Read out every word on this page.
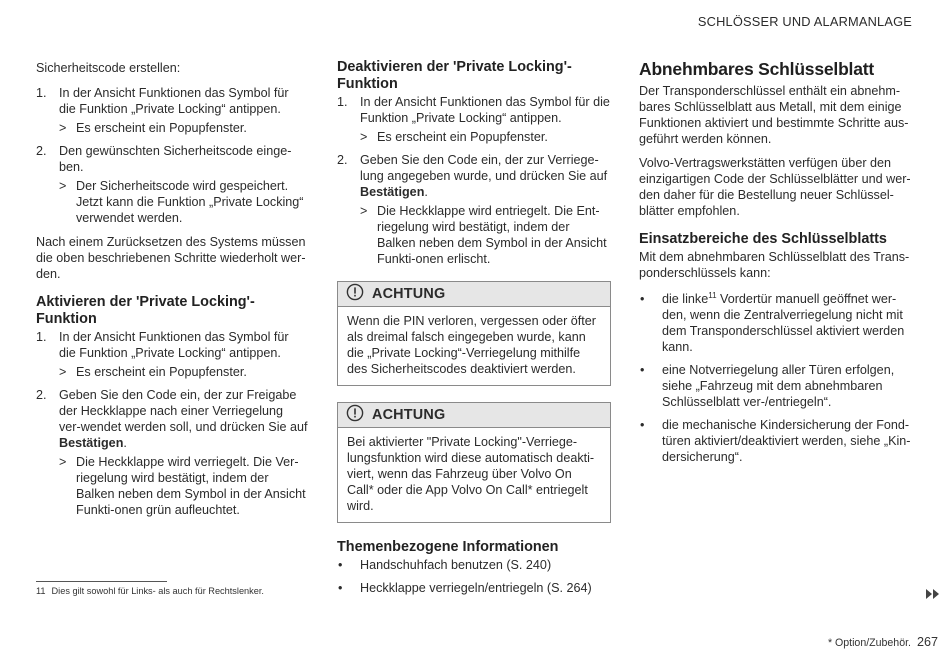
SCHLÖSSER UND ALARMANLAGE

Sicherheitscode erstellen:

1. In der Ansicht Funktionen das Symbol für die Funktion „Private Locking“ antippen.
> Es erscheint ein Popupfenster.
2. Den gewünschten Sicherheitscode einge-ben.
> Der Sicherheitscode wird gespeichert. Jetzt kann die Funktion „Private Locking“ verwendet werden.

Nach einem Zurücksetzen des Systems müssen die oben beschriebenen Schritte wiederholt wer-den.

Aktivieren der 'Private Locking'-Funktion
1. In der Ansicht Funktionen das Symbol für die Funktion „Private Locking“ antippen.
> Es erscheint ein Popupfenster.
2. Geben Sie den Code ein, der zur Freigabe der Heckklappe nach einer Verriegelung ver-wendet werden soll, und drücken Sie auf Bestätigen.
> Die Heckklappe wird verriegelt. Die Ver-riegelung wird bestätigt, indem der Balken neben dem Symbol in der Ansicht Funkti-onen grün aufleuchtet.
Deaktivieren der 'Private Locking'-Funktion
1. In der Ansicht Funktionen das Symbol für die Funktion „Private Locking“ antippen.
> Es erscheint ein Popupfenster.
2. Geben Sie den Code ein, der zur Verriege-lung angegeben wurde, und drücken Sie auf Bestätigen.
> Die Heckklappe wird entriegelt. Die Ent-riegelung wird bestätigt, indem der Balken neben dem Symbol in der Ansicht Funkti-onen erlischt.
ACHTUNG
Wenn die PIN verloren, vergessen oder öfter als dreimal falsch eingegeben wurde, kann die „Private Locking“-Verriegelung mithilfe des Sicherheitscodes deaktiviert werden.
ACHTUNG
Bei aktivierter "Private Locking"-Verriege-lungsfunktion wird diese automatisch deakti-viert, wenn das Fahrzeug über Volvo On Call* oder die App Volvo On Call* entriegelt wird.
Themenbezogene Informationen
• Handschuhfach benutzen (S. 240)
• Heckklappe verriegeln/entriegeln (S. 264)
Abnehmbares Schlüsselblatt

Der Transponderschlüssel enthält ein abnehm-bares Schlüsselblatt aus Metall, mit dem einige Funktionen aktiviert und bestimmte Schritte aus-geführt werden können.

Volvo-Vertragswerkstätten verfügen über den einzigartigen Code der Schlüsselblätter und wer-den daher für die Bestellung neuer Schlüssel-blätter empfohlen.

Einsatzbereiche des Schlüsselblatts

Mit dem abnehmbaren Schlüsselblatt des Trans-ponderschlüssels kann:

• die linke$^{11}$ Vordertür manuell geöffnet wer-den, wenn die Zentralverriegelung nicht mit dem Transponderschlüssel aktiviert werden kann.
• eine Notverriegelung aller Türen erfolgen, siehe „Fahrzeug mit dem abnehmbaren Schlüsselblatt ver-/entriegeln“.
• die mechanische Kindersicherung der Fond-türen aktiviert/deaktiviert werden, siehe „Kin-dersicherung“.
11 Dies gilt sowohl für Links- als auch für Rechtslenker.
* Option/Zubehör. 267
